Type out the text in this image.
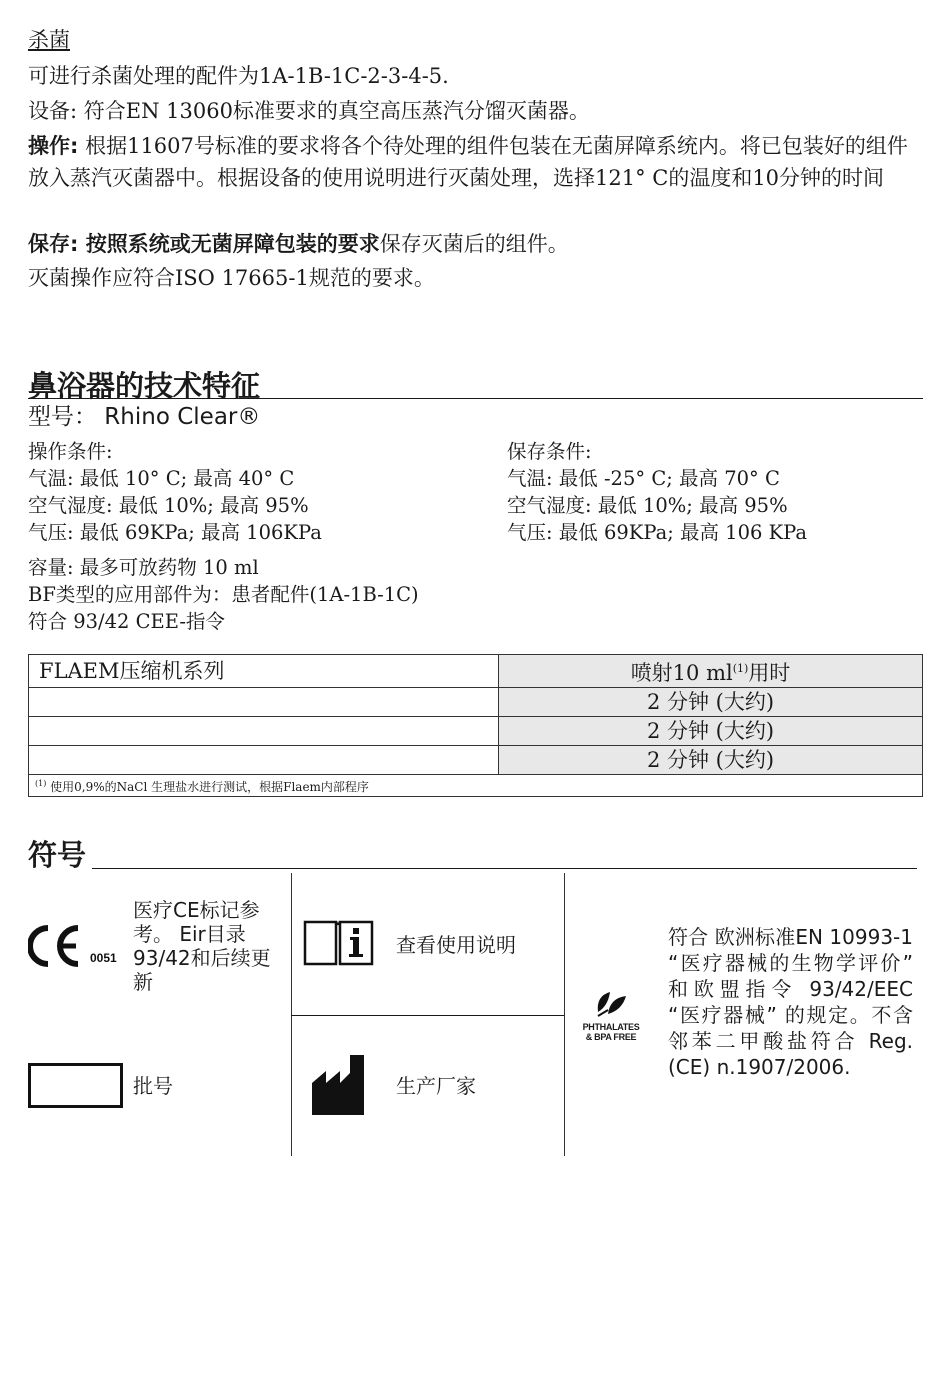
杀菌
可进行杀菌处理的配件为1A-1B-1C-2-3-4-5.
设备: 符合EN 13060标准要求的真空高压蒸汽分馏灭菌器。
操作: 根据11607号标准的要求将各个待处理的组件包装在无菌屏障系统内。将已包装好的组件放入蒸汽灭菌器中。根据设备的使用说明进行灭菌处理，选择121° C的温度和10分钟的时间
保存: 按照系统或无菌屏障包装的要求保存灭菌后的组件。
灭菌操作应符合ISO 17665-1规范的要求。
鼻浴器的技术特征
型号： Rhino Clear®
操作条件:
气温: 最低 10° C; 最高 40° C
空气湿度: 最低 10%; 最高 95%
气压: 最低 69KPa; 最高 106KPa
保存条件:
气温: 最低 -25° C; 最高 70° C
空气湿度: 最低 10%; 最高 95%
气压: 最低 69KPa; 最高 106 KPa
容量: 最多可放药物 10 ml
BF类型的应用部件为：患者配件(1A-1B-1C)
符合 93/42 CEE-指令
FLAEM压缩机系列	喷射10 $ml^{(1)}$用时
	2 分钟 (大约)
	2 分钟 (大约)
	2 分钟 (大约)
$^{(1)}$ 使用0,9%的NaCl 生理盐水进行测试，根据Flaem内部程序	
符号
0051
医疗CE标记参考。 Eir目录 93/42和后续更新
查看使用说明
批号	生产厂家
PHTHALATES
& BPA FREE
符合 欧洲标准EN 10993-1 “医疗器械的生物学评价” 和欧盟指令 93/42/EEC “医疗器械” 的规定。不含邻苯二甲酸盐符合 Reg.(CE) n.1907/2006.
